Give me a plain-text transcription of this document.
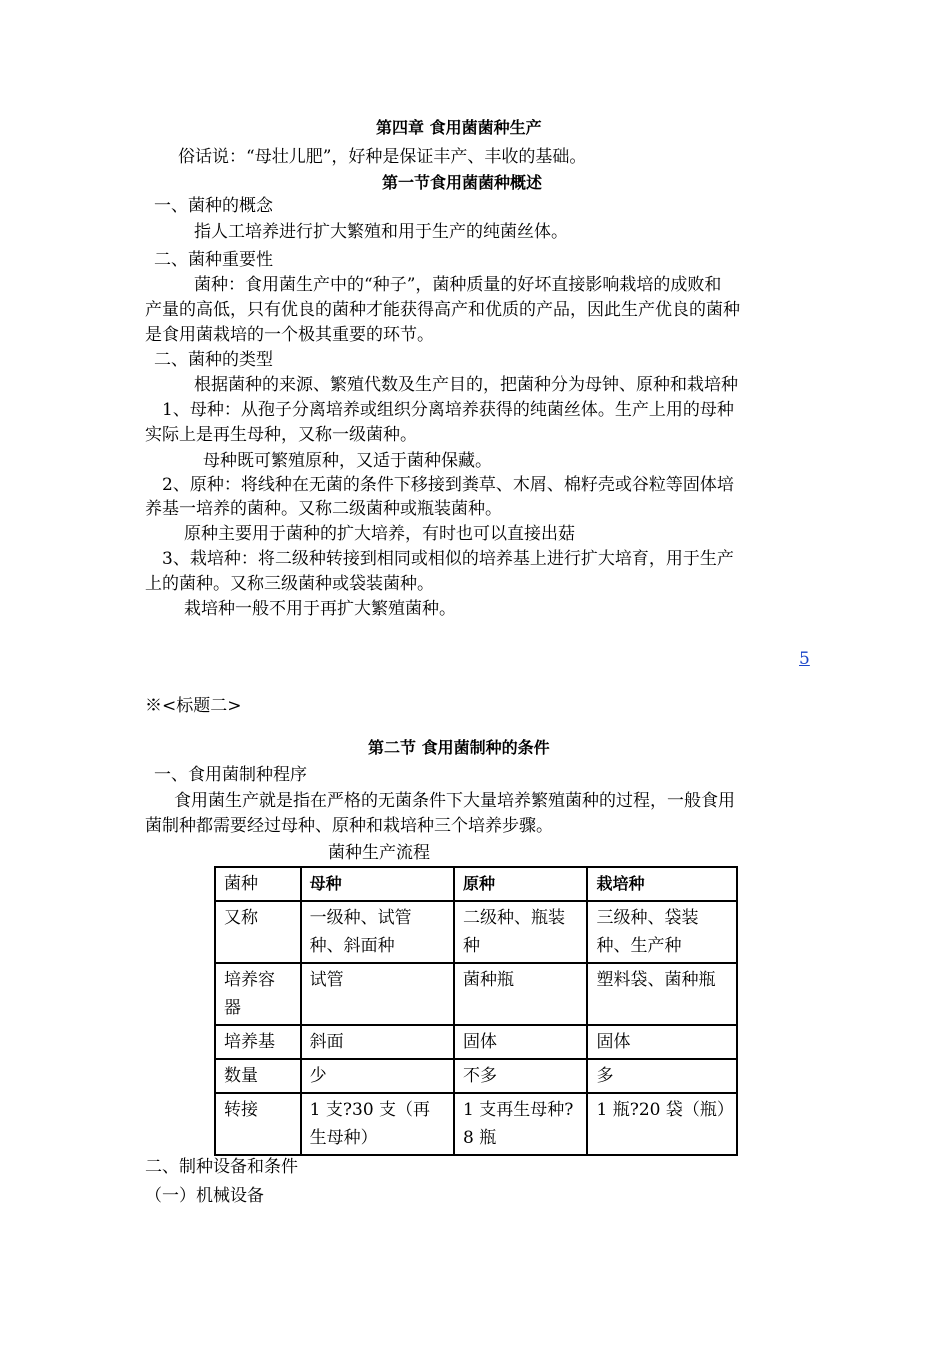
第四章 食用菌菌种生产
俗话说：“母壮儿肥”，好种是保证丰产、丰收的基础。
第一节食用菌菌种概述
一、菌种的概念
指人工培养进行扩大繁殖和用于生产的纯菌丝体。
二、菌种重要性
菌种：食用菌生产中的“种子”，菌种质量的好坏直接影响栽培的成败和
产量的高低，只有优良的菌种才能获得高产和优质的产品，因此生产优良的菌种
是食用菌栽培的一个极其重要的环节。
二、菌种的类型
根据菌种的来源、繁殖代数及生产目的，把菌种分为母钟、原种和栽培种
1、母种：从孢子分离培养或组织分离培养获得的纯菌丝体。生产上用的母种
实际上是再生母种，又称一级菌种。
母种既可繁殖原种，又适于菌种保藏。
2、原种：将线种在无菌的条件下移接到粪草、木屑、棉籽壳或谷粒等固体培
养基一培养的菌种。又称二级菌种或瓶装菌种。
原种主要用于菌种的扩大培养，有时也可以直接出菇
3、栽培种：将二级种转接到相同或相似的培养基上进行扩大培育，用于生产
上的菌种。又称三级菌种或袋装菌种。
栽培种一般不用于再扩大繁殖菌种。
5
※<标题二>
第二节 食用菌制种的条件
一、食用菌制种程序
食用菌生产就是指在严格的无菌条件下大量培养繁殖菌种的过程，一般食用
菌制种都需要经过母种、原种和栽培种三个培养步骤。
菌种生产流程
菌种	母种	原种	栽培种
又称	一级种、试管种、斜面种	二级种、瓶装种	三级种、袋装种、生产种
培养容器	试管	菌种瓶	塑料袋、菌种瓶
培养基	斜面	固体	固体
数量	少	不多	多
转接	1 支?30 支（再生母种）	1 支再生母种?8 瓶	1 瓶?20 袋（瓶）
二、制种设备和条件
（一）机械设备
